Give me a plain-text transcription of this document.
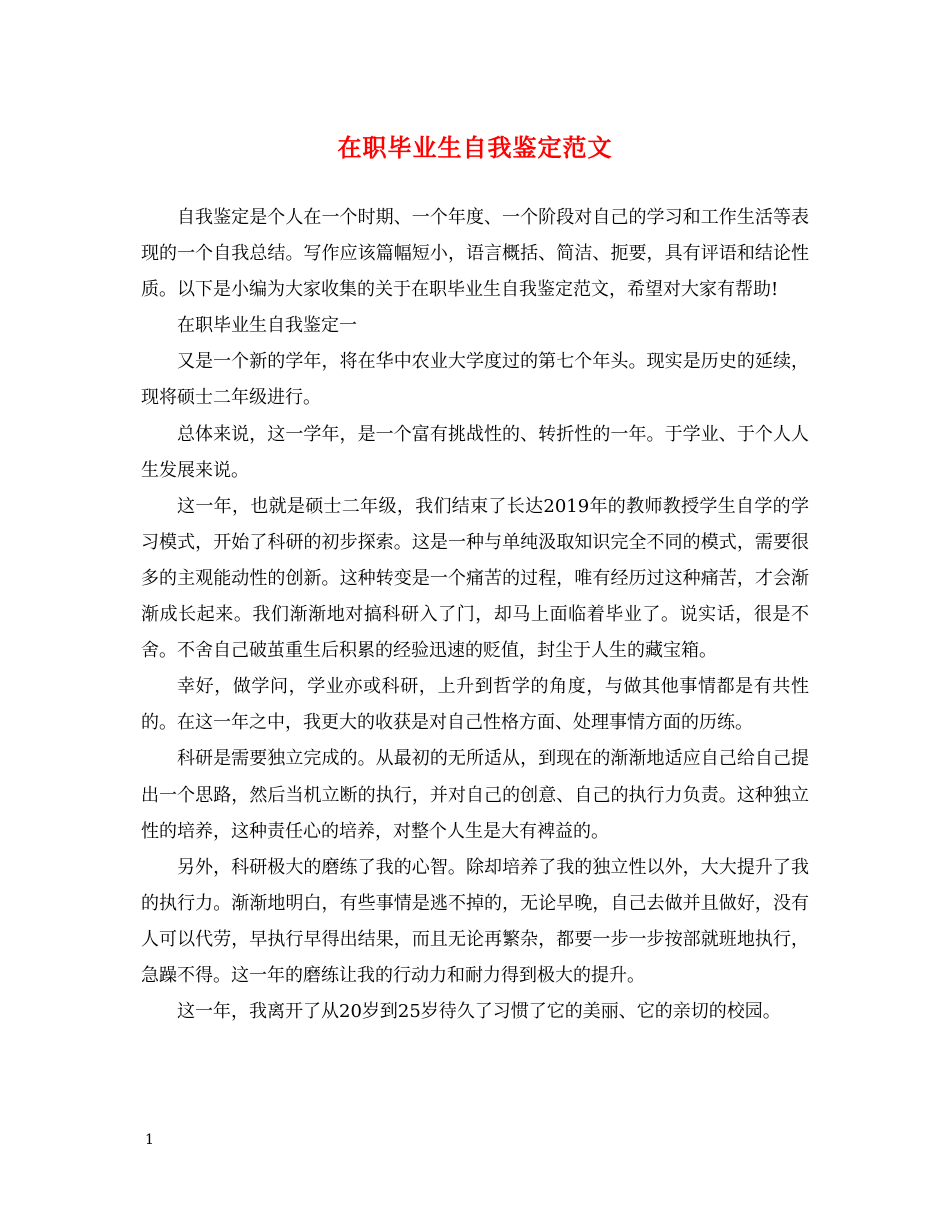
在职毕业生自我鉴定范文

自我鉴定是个人在一个时期、一个年度、一个阶段对自己的学习和工作生活等表现的一个自我总结。写作应该篇幅短小，语言概括、简洁、扼要，具有评语和结论性质。以下是小编为大家收集的关于在职毕业生自我鉴定范文，希望对大家有帮助!

在职毕业生自我鉴定一

又是一个新的学年，将在华中农业大学度过的第七个年头。现实是历史的延续，现将硕士二年级进行。

总体来说，这一学年，是一个富有挑战性的、转折性的一年。于学业、于个人人生发展来说。

这一年，也就是硕士二年级，我们结束了长达2019年的教师教授学生自学的学习模式，开始了科研的初步探索。这是一种与单纯汲取知识完全不同的模式，需要很多的主观能动性的创新。这种转变是一个痛苦的过程，唯有经历过这种痛苦，才会渐渐成长起来。我们渐渐地对搞科研入了门，却马上面临着毕业了。说实话，很是不舍。不舍自己破茧重生后积累的经验迅速的贬值，封尘于人生的藏宝箱。

幸好，做学问，学业亦或科研，上升到哲学的角度，与做其他事情都是有共性的。在这一年之中，我更大的收获是对自己性格方面、处理事情方面的历练。

科研是需要独立完成的。从最初的无所适从，到现在的渐渐地适应自己给自己提出一个思路，然后当机立断的执行，并对自己的创意、自己的执行力负责。这种独立性的培养，这种责任心的培养，对整个人生是大有裨益的。

另外，科研极大的磨练了我的心智。除却培养了我的独立性以外，大大提升了我的执行力。渐渐地明白，有些事情是逃不掉的，无论早晚，自己去做并且做好，没有人可以代劳，早执行早得出结果，而且无论再繁杂，都要一步一步按部就班地执行，急躁不得。这一年的磨练让我的行动力和耐力得到极大的提升。

这一年，我离开了从20岁到25岁待久了习惯了它的美丽、它的亲切的校园。

1
